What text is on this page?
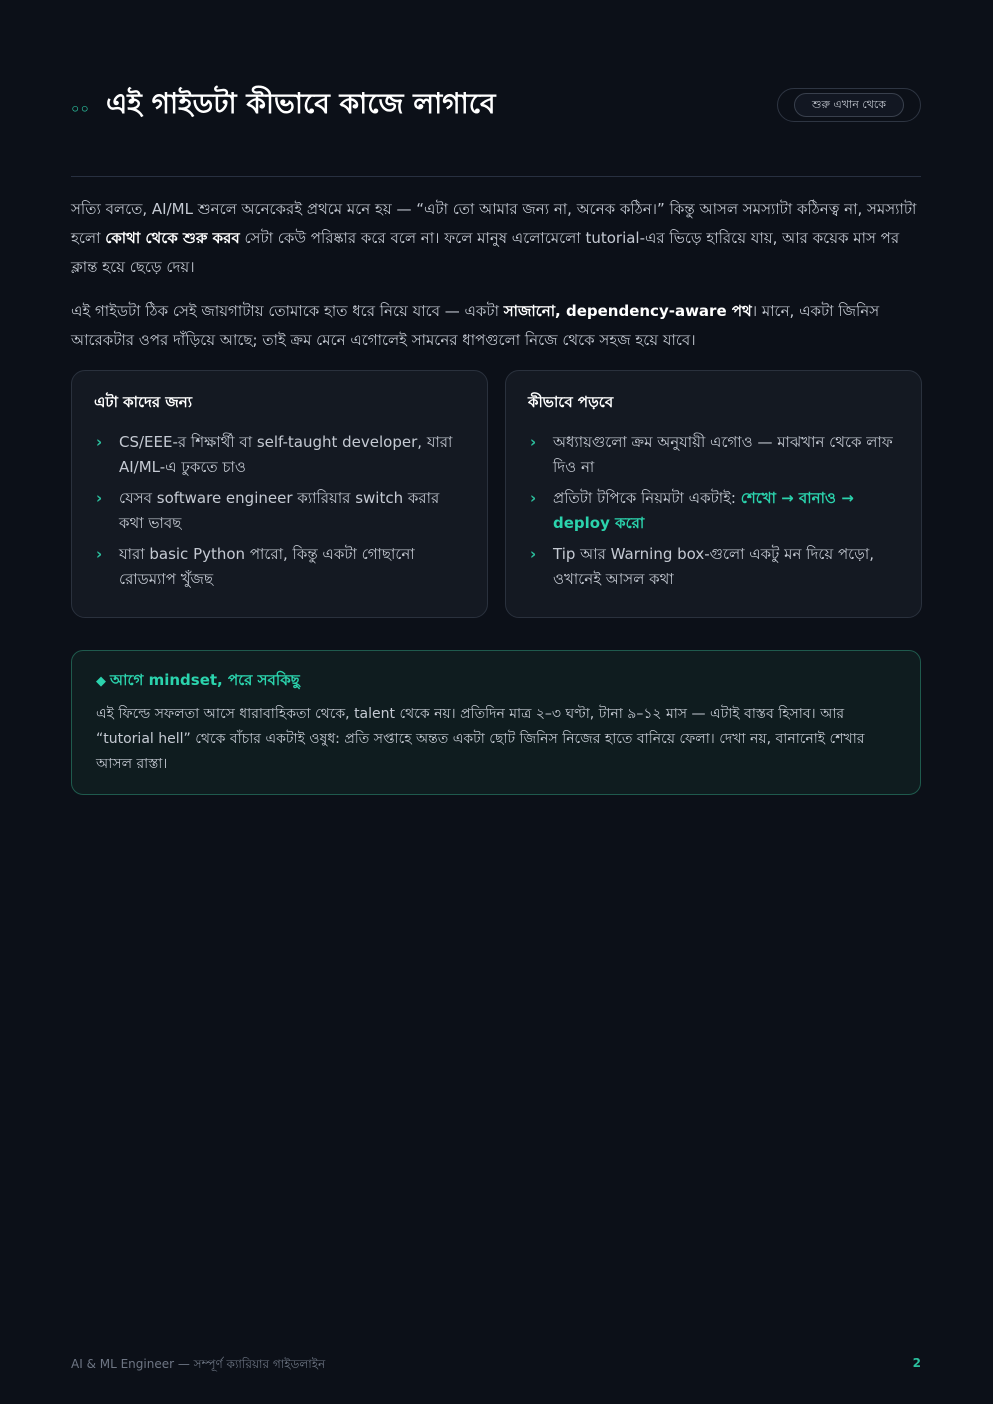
০০ এই গাইডটা কীভাবে কাজে লাগাবে	শুরু এখান থেকে

সত্যি বলতে, AI/ML শুনলে অনেকেরই প্রথমে মনে হয় — “এটা তো আমার জন্য না, অনেক কঠিন।” কিন্তু আসল সমস্যাটা কঠিনত্ব না, সমস্যাটা হলো কোথা থেকে শুরু করব সেটা কেউ পরিষ্কার করে বলে না। ফলে মানুষ এলোমেলো tutorial-এর ভিড়ে হারিয়ে যায়, আর কয়েক মাস পর ক্লান্ত হয়ে ছেড়ে দেয়।

এই গাইডটা ঠিক সেই জায়গাটায় তোমাকে হাত ধরে নিয়ে যাবে — একটা সাজানো, dependency-aware পথ। মানে, একটা জিনিস আরেকটার ওপর দাঁড়িয়ে আছে; তাই ক্রম মেনে এগোলেই সামনের ধাপগুলো নিজে থেকে সহজ হয়ে যাবে।

এটা কাদের জন্য
› CS/EEE-র শিক্ষার্থী বা self-taught developer, যারা AI/ML-এ ঢুকতে চাও
› যেসব software engineer ক্যারিয়ার switch করার কথা ভাবছ
› যারা basic Python পারো, কিন্তু একটা গোছানো রোডম্যাপ খুঁজছ
কীভাবে পড়বে
› অধ্যায়গুলো ক্রম অনুযায়ী এগোও — মাঝখান থেকে লাফ দিও না
› প্রতিটা টপিকে নিয়মটা একটাই: শেখো → বানাও → deploy করো
› Tip আর Warning box-গুলো একটু মন দিয়ে পড়ো, ওখানেই আসল কথা
◆ আগে mindset, পরে সবকিছু

এই ফিল্ডে সফলতা আসে ধারাবাহিকতা থেকে, talent থেকে নয়। প্রতিদিন মাত্র ২–৩ ঘণ্টা, টানা ৯–১২ মাস — এটাই বাস্তব হিসাব। আর “tutorial hell” থেকে বাঁচার একটাই ওষুধ: প্রতি সপ্তাহে অন্তত একটা ছোট জিনিস নিজের হাতে বানিয়ে ফেলা। দেখা নয়, বানানোই শেখার আসল রাস্তা।

AI & ML Engineer — সম্পূর্ণ ক্যারিয়ার গাইডলাইন	2
